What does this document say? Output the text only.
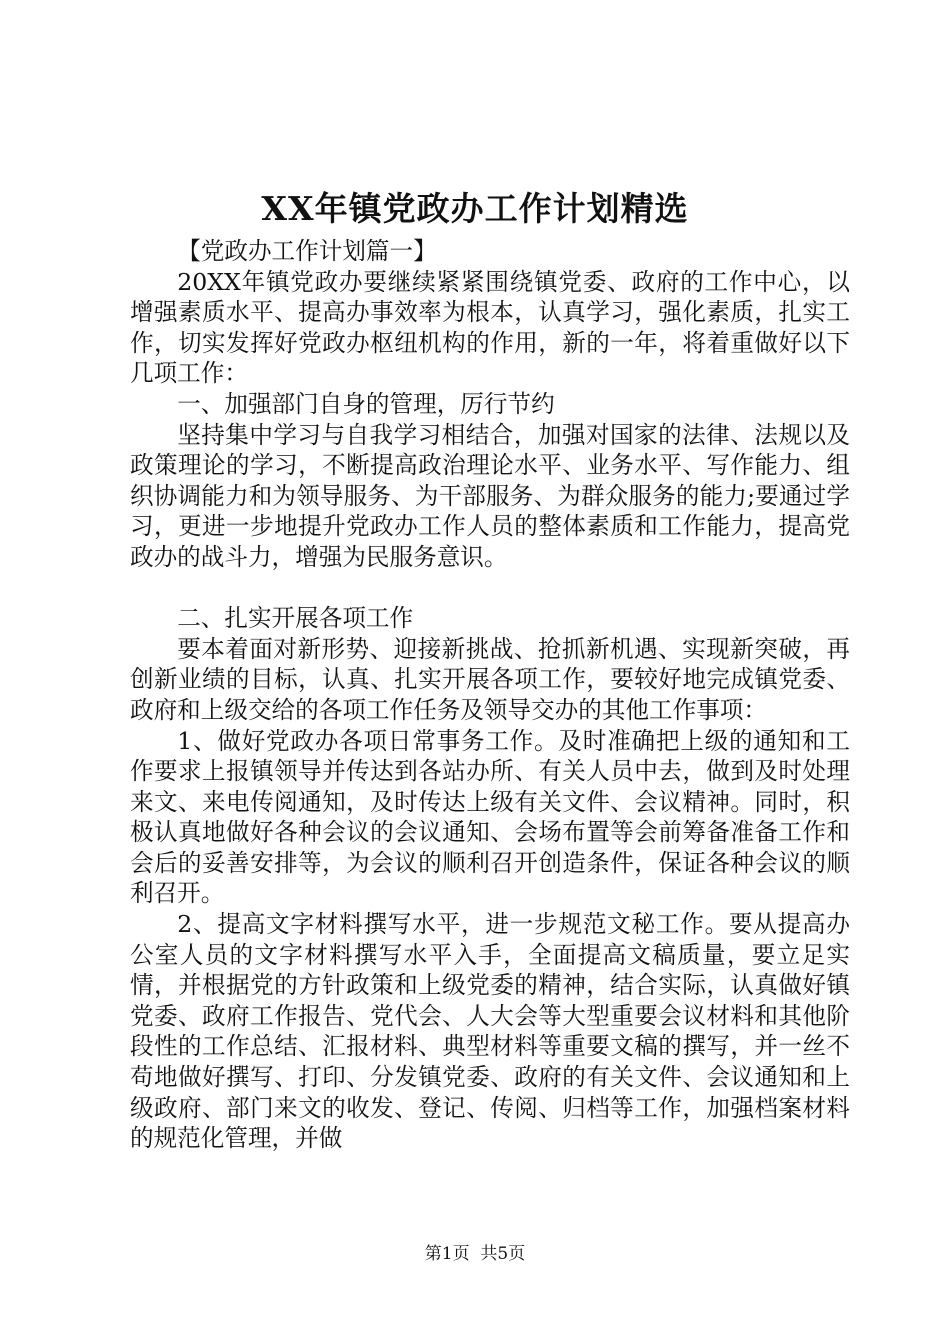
XX年镇党政办工作计划精选

【党政办工作计划篇一】

20XX年镇党政办要继续紧紧围绕镇党委、政府的工作中心，以增强素质水平、提高办事效率为根本，认真学习，强化素质，扎实工作，切实发挥好党政办枢纽机构的作用，新的一年，将着重做好以下几项工作：

一、加强部门自身的管理，厉行节约

坚持集中学习与自我学习相结合，加强对国家的法律、法规以及政策理论的学习，不断提高政治理论水平、业务水平、写作能力、组织协调能力和为领导服务、为干部服务、为群众服务的能力;要通过学习，更进一步地提升党政办工作人员的整体素质和工作能力，提高党政办的战斗力，增强为民服务意识。

二、扎实开展各项工作

要本着面对新形势、迎接新挑战、抢抓新机遇、实现新突破，再创新业绩的目标，认真、扎实开展各项工作，要较好地完成镇党委、政府和上级交给的各项工作任务及领导交办的其他工作事项：

1、做好党政办各项日常事务工作。及时准确把上级的通知和工作要求上报镇领导并传达到各站办所、有关人员中去，做到及时处理来文、来电传阅通知，及时传达上级有关文件、会议精神。同时，积极认真地做好各种会议的会议通知、会场布置等会前筹备准备工作和会后的妥善安排等，为会议的顺利召开创造条件，保证各种会议的顺利召开。

2、提高文字材料撰写水平，进一步规范文秘工作。要从提高办公室人员的文字材料撰写水平入手，全面提高文稿质量，要立足实情，并根据党的方针政策和上级党委的精神，结合实际，认真做好镇党委、政府工作报告、党代会、人大会等大型重要会议材料和其他阶段性的工作总结、汇报材料、典型材料等重要文稿的撰写，并一丝不苟地做好撰写、打印、分发镇党委、政府的有关文件、会议通知和上级政府、部门来文的收发、登记、传阅、归档等工作，加强档案材料的规范化管理，并做

第1页 共5页
